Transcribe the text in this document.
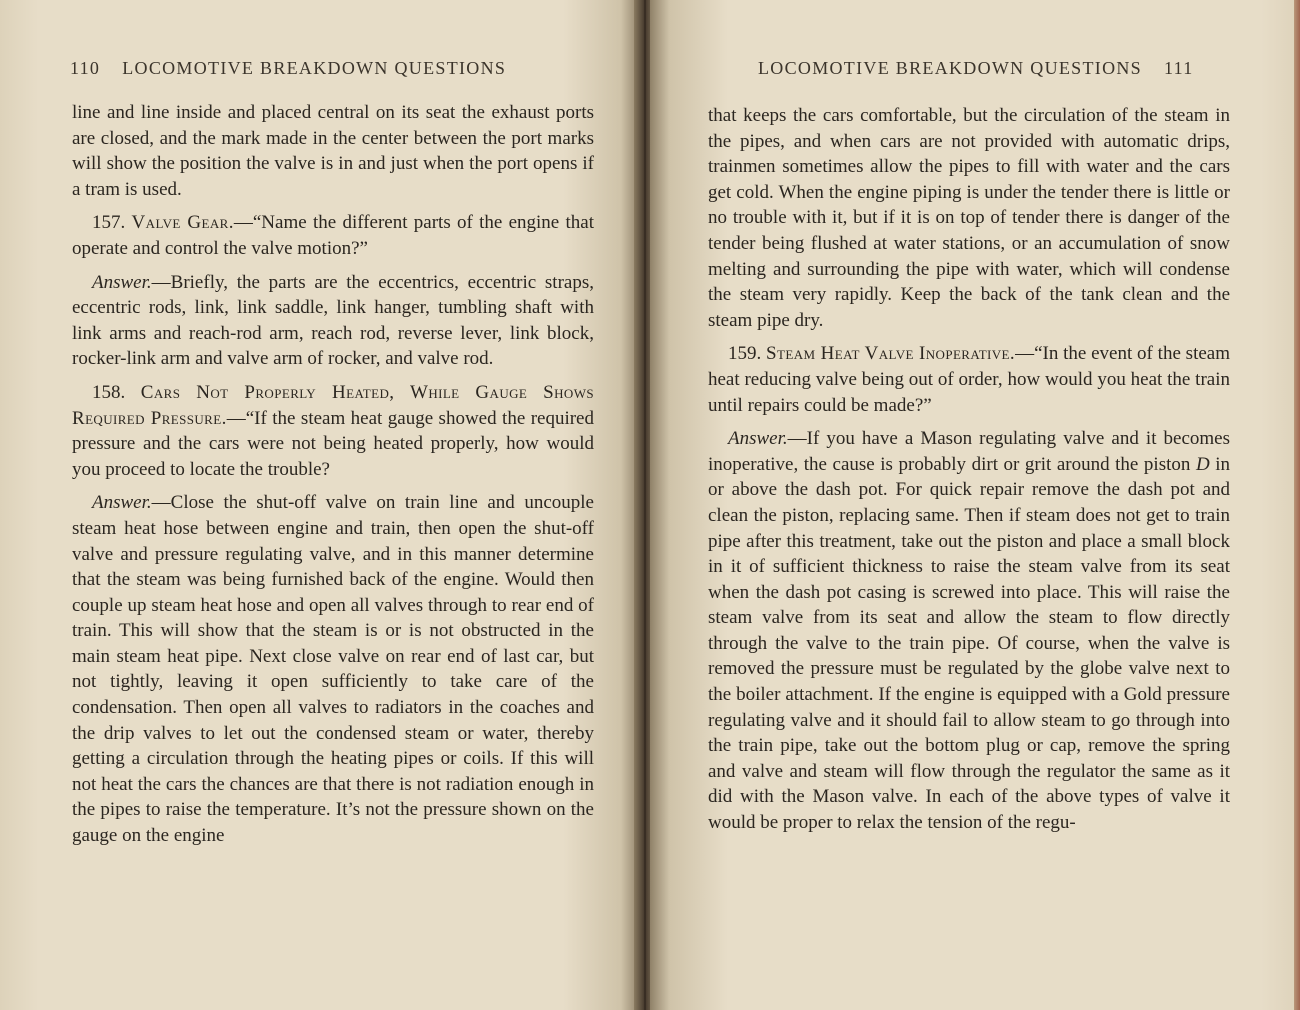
110 LOCOMOTIVE BREAKDOWN QUESTIONS

line and line inside and placed central on its seat the exhaust ports are closed, and the mark made in the center between the port marks will show the position the valve is in and just when the port opens if a tram is used.

157. Valve Gear.—“Name the different parts of the engine that operate and control the valve motion?”

Answer.—Briefly, the parts are the eccentrics, eccentric straps, eccentric rods, link, link saddle, link hanger, tumbling shaft with link arms and reach-rod arm, reach rod, reverse lever, link block, rocker-link arm and valve arm of rocker, and valve rod.

158. Cars Not Properly Heated, While Gauge Shows Required Pressure.—“If the steam heat gauge showed the required pressure and the cars were not being heated properly, how would you proceed to locate the trouble?

Answer.—Close the shut-off valve on train line and uncouple steam heat hose between engine and train, then open the shut-off valve and pressure regulating valve, and in this manner determine that the steam was being furnished back of the engine. Would then couple up steam heat hose and open all valves through to rear end of train. This will show that the steam is or is not obstructed in the main steam heat pipe. Next close valve on rear end of last car, but not tightly, leaving it open sufficiently to take care of the condensation. Then open all valves to radiators in the coaches and the drip valves to let out the condensed steam or water, thereby getting a circulation through the heating pipes or coils. If this will not heat the cars the chances are that there is not radiation enough in the pipes to raise the temperature. It’s not the pressure shown on the gauge on the engine

LOCOMOTIVE BREAKDOWN QUESTIONS 111

that keeps the cars comfortable, but the circulation of the steam in the pipes, and when cars are not provided with automatic drips, trainmen sometimes allow the pipes to fill with water and the cars get cold. When the engine piping is under the tender there is little or no trouble with it, but if it is on top of tender there is danger of the tender being flushed at water stations, or an accumulation of snow melting and surrounding the pipe with water, which will condense the steam very rapidly. Keep the back of the tank clean and the steam pipe dry.

159. Steam Heat Valve Inoperative.—“In the event of the steam heat reducing valve being out of order, how would you heat the train until repairs could be made?”

Answer.—If you have a Mason regulating valve and it becomes inoperative, the cause is probably dirt or grit around the piston D in or above the dash pot. For quick repair remove the dash pot and clean the piston, replacing same. Then if steam does not get to train pipe after this treatment, take out the piston and place a small block in it of sufficient thickness to raise the steam valve from its seat when the dash pot casing is screwed into place. This will raise the steam valve from its seat and allow the steam to flow directly through the valve to the train pipe. Of course, when the valve is removed the pressure must be regulated by the globe valve next to the boiler attachment. If the engine is equipped with a Gold pressure regulating valve and it should fail to allow steam to go through into the train pipe, take out the bottom plug or cap, remove the spring and valve and steam will flow through the regulator the same as it did with the Mason valve. In each of the above types of valve it would be proper to relax the tension of the regu-
